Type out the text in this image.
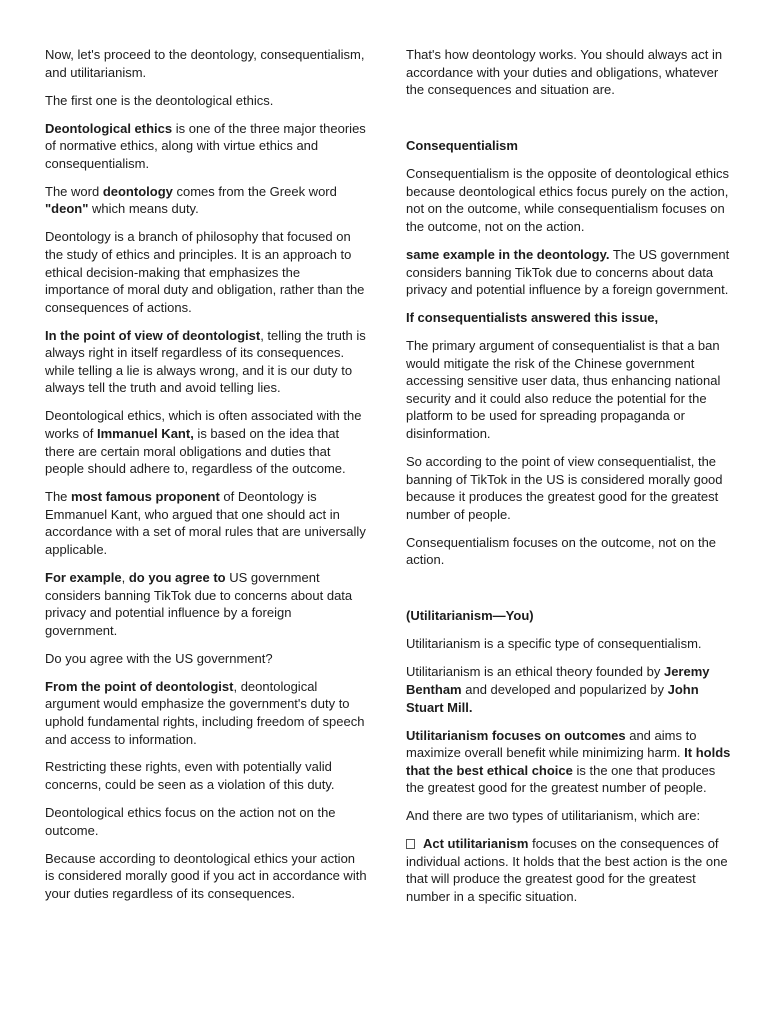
Now, let's proceed to the deontology, consequentialism, and utilitarianism.

The first one is the deontological ethics.

Deontological ethics is one of the three major theories of normative ethics, along with virtue ethics and consequentialism.

The word deontology comes from the Greek word "deon" which means duty.

Deontology is a branch of philosophy that focused on the study of ethics and principles. It is an approach to ethical decision-making that emphasizes the importance of moral duty and obligation, rather than the consequences of actions.

In the point of view of deontologist, telling the truth is always right in itself regardless of its consequences. while telling a lie is always wrong, and it is our duty to always tell the truth and avoid telling lies.

Deontological ethics, which is often associated with the works of Immanuel Kant, is based on the idea that there are certain moral obligations and duties that people should adhere to, regardless of the outcome.

The most famous proponent of Deontology is Emmanuel Kant, who argued that one should act in accordance with a set of moral rules that are universally applicable.

For example, do you agree to US government considers banning TikTok due to concerns about data privacy and potential influence by a foreign government.

Do you agree with the US government?

From the point of deontologist, deontological argument would emphasize the government's duty to uphold fundamental rights, including freedom of speech and access to information.

Restricting these rights, even with potentially valid concerns, could be seen as a violation of this duty.

Deontological ethics focus on the action not on the outcome.

Because according to deontological ethics your action is considered morally good if you act in accordance with your duties regardless of its consequences.

That's how deontology works. You should always act in accordance with your duties and obligations, whatever the consequences and situation are.

Consequentialism

Consequentialism is the opposite of deontological ethics because deontological ethics focus purely on the action, not on the outcome, while consequentialism focuses on the outcome, not on the action.

same example in the deontology. The US government considers banning TikTok due to concerns about data privacy and potential influence by a foreign government.

If consequentialists answered this issue,

The primary argument of consequentialist is that a ban would mitigate the risk of the Chinese government accessing sensitive user data, thus enhancing national security and it could also reduce the potential for the platform to be used for spreading propaganda or disinformation.

So according to the point of view consequentialist, the banning of TikTok in the US is considered morally good because it produces the greatest good for the greatest number of people.

Consequentialism focuses on the outcome, not on the action.

(Utilitarianism—You)

Utilitarianism is a specific type of consequentialism.

Utilitarianism is an ethical theory founded by Jeremy Bentham and developed and popularized by John Stuart Mill.

Utilitarianism focuses on outcomes and aims to maximize overall benefit while minimizing harm. It holds that the best ethical choice is the one that produces the greatest good for the greatest number of people.

And there are two types of utilitarianism, which are:

Act utilitarianism focuses on the consequences of individual actions. It holds that the best action is the one that will produce the greatest good for the greatest number in a specific situation.
